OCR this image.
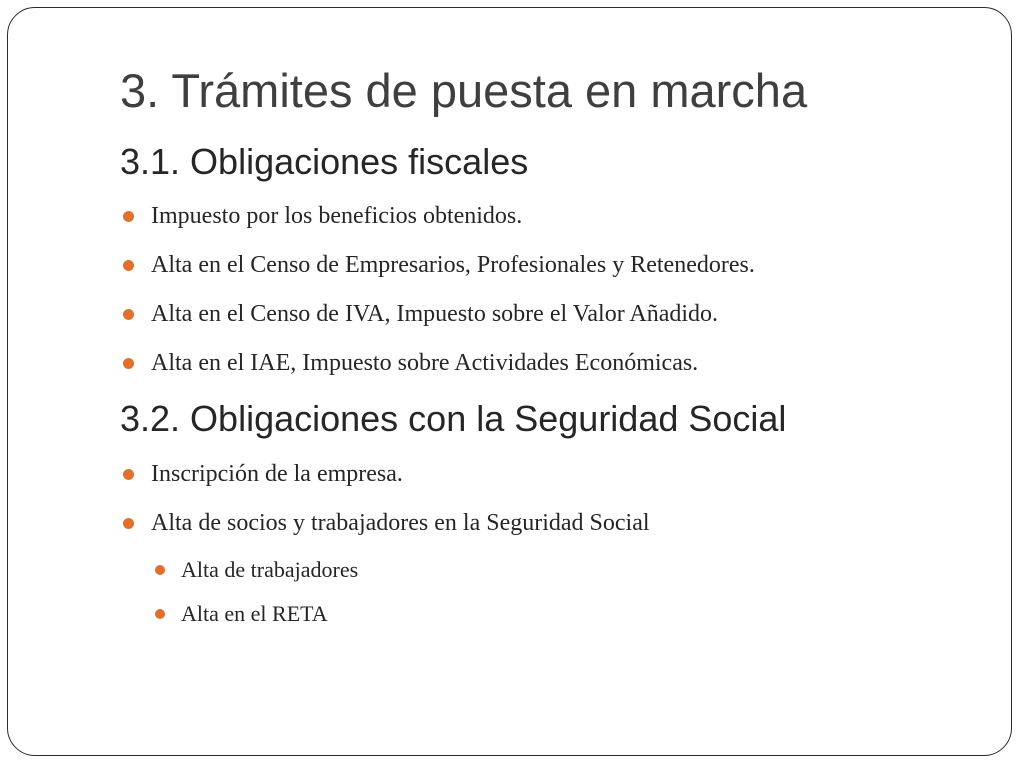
3. Trámites de puesta en marcha
3.1. Obligaciones fiscales
Impuesto por los beneficios obtenidos.
Alta en el Censo de Empresarios, Profesionales y Retenedores.
Alta en el Censo de IVA, Impuesto sobre el Valor Añadido.
Alta en el IAE, Impuesto sobre Actividades Económicas.
3.2. Obligaciones con la Seguridad Social
Inscripción de la empresa.
Alta de socios y trabajadores en la Seguridad Social
Alta de trabajadores
Alta en el RETA
